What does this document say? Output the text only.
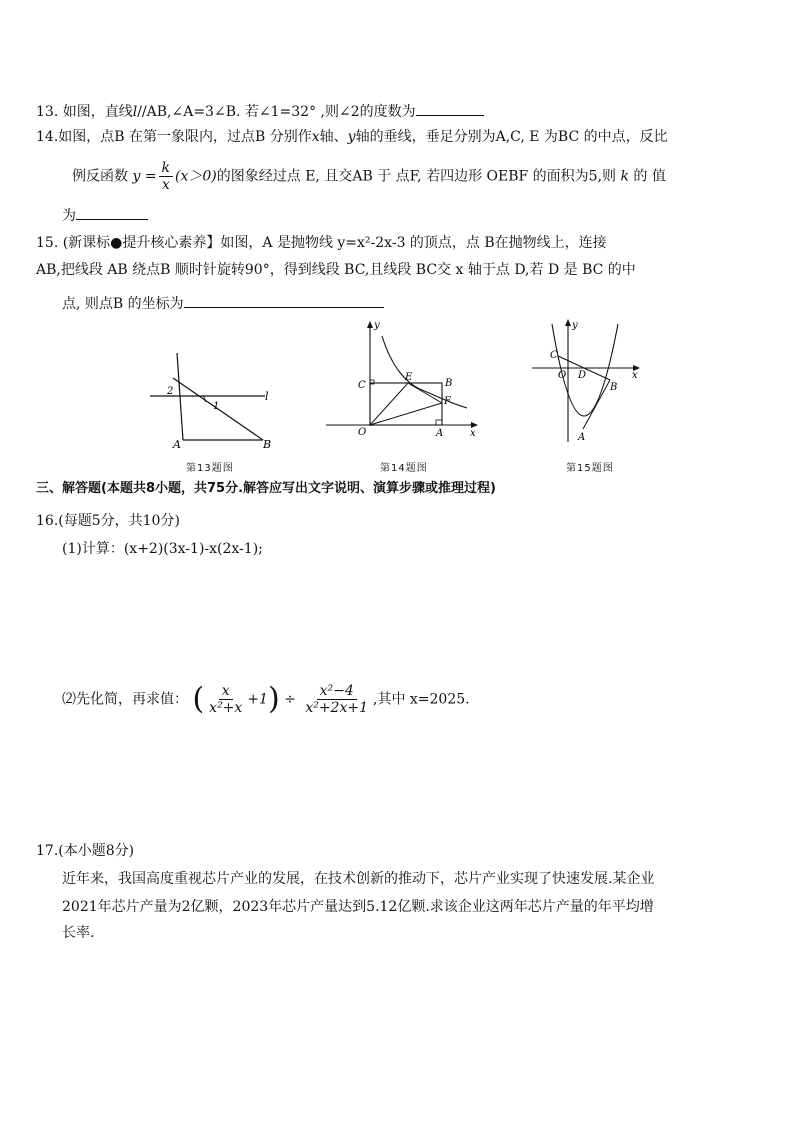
13. 如图，直线l//AB,∠A=3∠B. 若∠1=32° ,则∠2的度数为
14.如图，点B 在第一象限内，过点B 分别作x轴、y轴的垂线，垂足分别为A,C, E 为BC 的中点，反比
例反函数 $y = \frac{k}{x} (x>0)$的图象经过点 E, 且交AB 于 点F, 若四边形 OEBF 的面积为5,则 k 的 值
为
15. (新课标●提升核心素养】如图，A 是抛物线 y=x²-2x-3 的顶点，点 B在抛物线上，连接
AB,把线段 AB 绕点B 顺时针旋转90°，得到线段 BC,且线段 BC交 x 轴于点 D,若 D 是 BC 的中
点, 则点B 的坐标为
l
A	B
1
2
第13题图
y
x
O	A
B
C
E
F
第14题图
y
x
O
A
B
C
D
第15题图
三、解答题(本题共8小题，共75分.解答应写出文字说明、演算步骤或推理过程)
16.(每题5分，共10分)
(1)计算：(x+2)(3x-1)-x(2x-1);
⑵先化简，再求值： ( $\frac{x}{\text{x²+x}} +1) \div \frac{\text{x²−4}}{\text{x²+2x+1}}$ ,其中 x=2025.
17.(本小题8分)
近年来，我国高度重视芯片产业的发展，在技术创新的推动下，芯片产业实现了快速发展.某企业
2021年芯片产量为2亿颗，2023年芯片产量达到5.12亿颗.求该企业这两年芯片产量的年平均增
长率.
